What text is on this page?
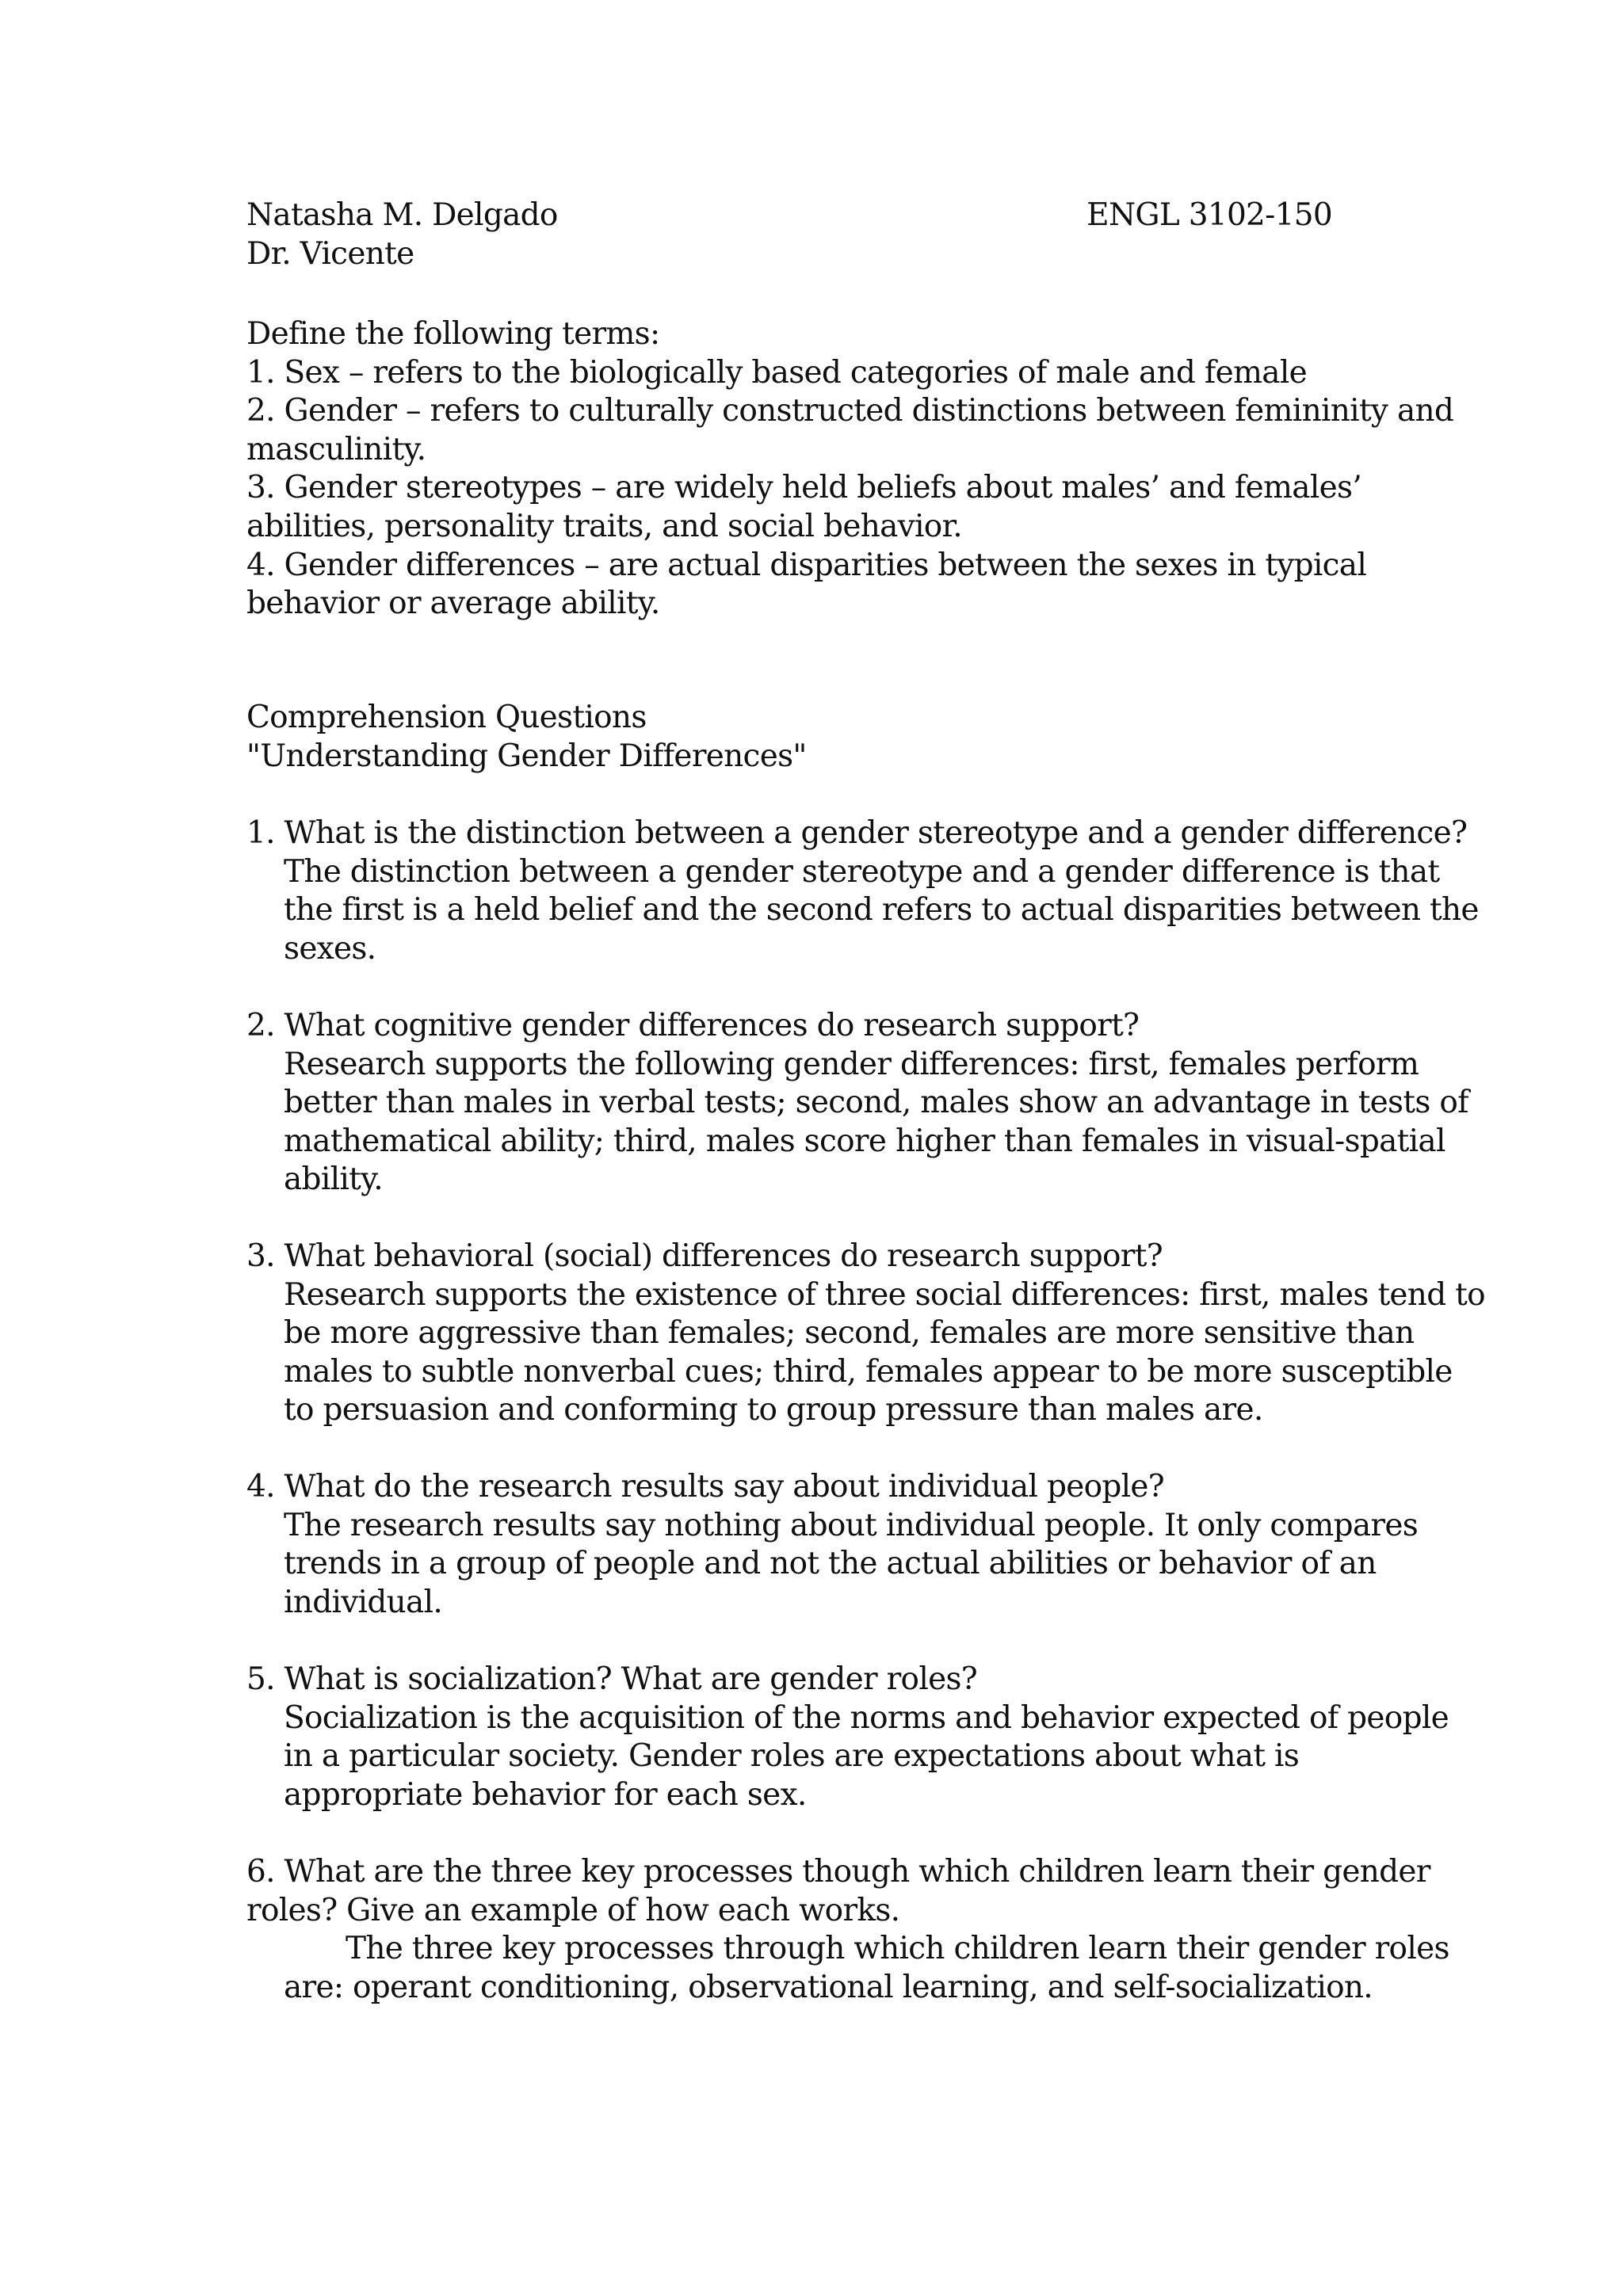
Natasha M. Delgado	ENGL 3102-150
Dr. Vicente
Define the following terms:
1. Sex – refers to the biologically based categories of male and female
2. Gender – refers to culturally constructed distinctions between femininity and
masculinity.
3. Gender stereotypes – are widely held beliefs about males’ and females’
abilities, personality traits, and social behavior.
4. Gender differences – are actual disparities between the sexes in typical
behavior or average ability.
Comprehension Questions
"Understanding Gender Differences"
1. What is the distinction between a gender stereotype and a gender difference?
The distinction between a gender stereotype and a gender difference is that
the first is a held belief and the second refers to actual disparities between the
sexes.
2. What cognitive gender differences do research support?
Research supports the following gender differences: first, females perform
better than males in verbal tests; second, males show an advantage in tests of
mathematical ability; third, males score higher than females in visual-spatial
ability.
3. What behavioral (social) differences do research support?
Research supports the existence of three social differences: first, males tend to
be more aggressive than females; second, females are more sensitive than
males to subtle nonverbal cues; third, females appear to be more susceptible
to persuasion and conforming to group pressure than males are.
4. What do the research results say about individual people?
The research results say nothing about individual people. It only compares
trends in a group of people and not the actual abilities or behavior of an
individual.
5. What is socialization? What are gender roles?
Socialization is the acquisition of the norms and behavior expected of people
in a particular society. Gender roles are expectations about what is
appropriate behavior for each sex.
6. What are the three key processes though which children learn their gender
roles? Give an example of how each works.
The three key processes through which children learn their gender roles
are: operant conditioning, observational learning, and self-socialization.
